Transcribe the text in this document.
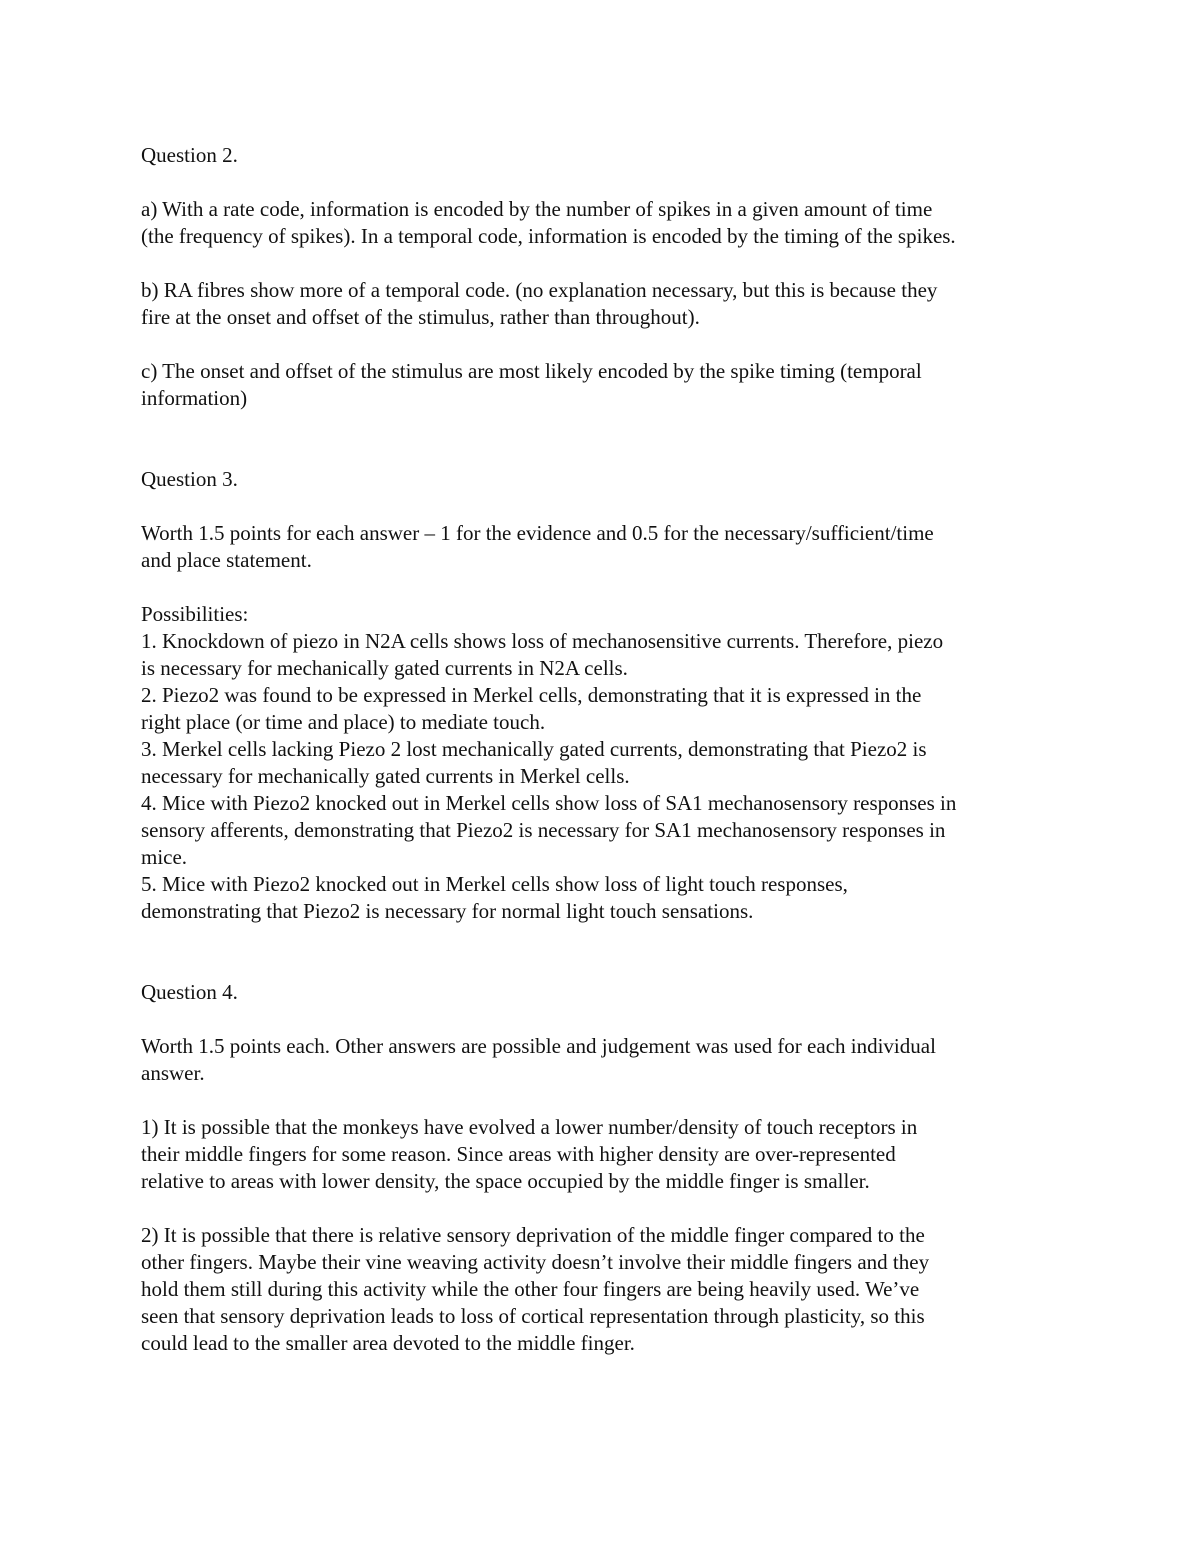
Question 2.

a) With a rate code, information is encoded by the number of spikes in a given amount of time

(the frequency of spikes). In a temporal code, information is encoded by the timing of the spikes.

b) RA fibres show more of a temporal code. (no explanation necessary, but this is because they

fire at the onset and offset of the stimulus, rather than throughout).

c) The onset and offset of the stimulus are most likely encoded by the spike timing (temporal

information)

Question 3.

Worth 1.5 points for each answer – 1 for the evidence and 0.5 for the necessary/sufficient/time

and place statement.

Possibilities:

1. Knockdown of piezo in N2A cells shows loss of mechanosensitive currents. Therefore, piezo

is necessary for mechanically gated currents in N2A cells.

2. Piezo2 was found to be expressed in Merkel cells, demonstrating that it is expressed in the

right place (or time and place) to mediate touch.

3. Merkel cells lacking Piezo 2 lost mechanically gated currents, demonstrating that Piezo2 is

necessary for mechanically gated currents in Merkel cells.

4. Mice with Piezo2 knocked out in Merkel cells show loss of SA1 mechanosensory responses in

sensory afferents, demonstrating that Piezo2 is necessary for SA1 mechanosensory responses in

mice.

5. Mice with Piezo2 knocked out in Merkel cells show loss of light touch responses,

demonstrating that Piezo2 is necessary for normal light touch sensations.

Question 4.

Worth 1.5 points each. Other answers are possible and judgement was used for each individual

answer.

1) It is possible that the monkeys have evolved a lower number/density of touch receptors in

their middle fingers for some reason. Since areas with higher density are over-represented

relative to areas with lower density, the space occupied by the middle finger is smaller.

2) It is possible that there is relative sensory deprivation of the middle finger compared to the

other fingers. Maybe their vine weaving activity doesn’t involve their middle fingers and they

hold them still during this activity while the other four fingers are being heavily used. We’ve

seen that sensory deprivation leads to loss of cortical representation through plasticity, so this

could lead to the smaller area devoted to the middle finger.
